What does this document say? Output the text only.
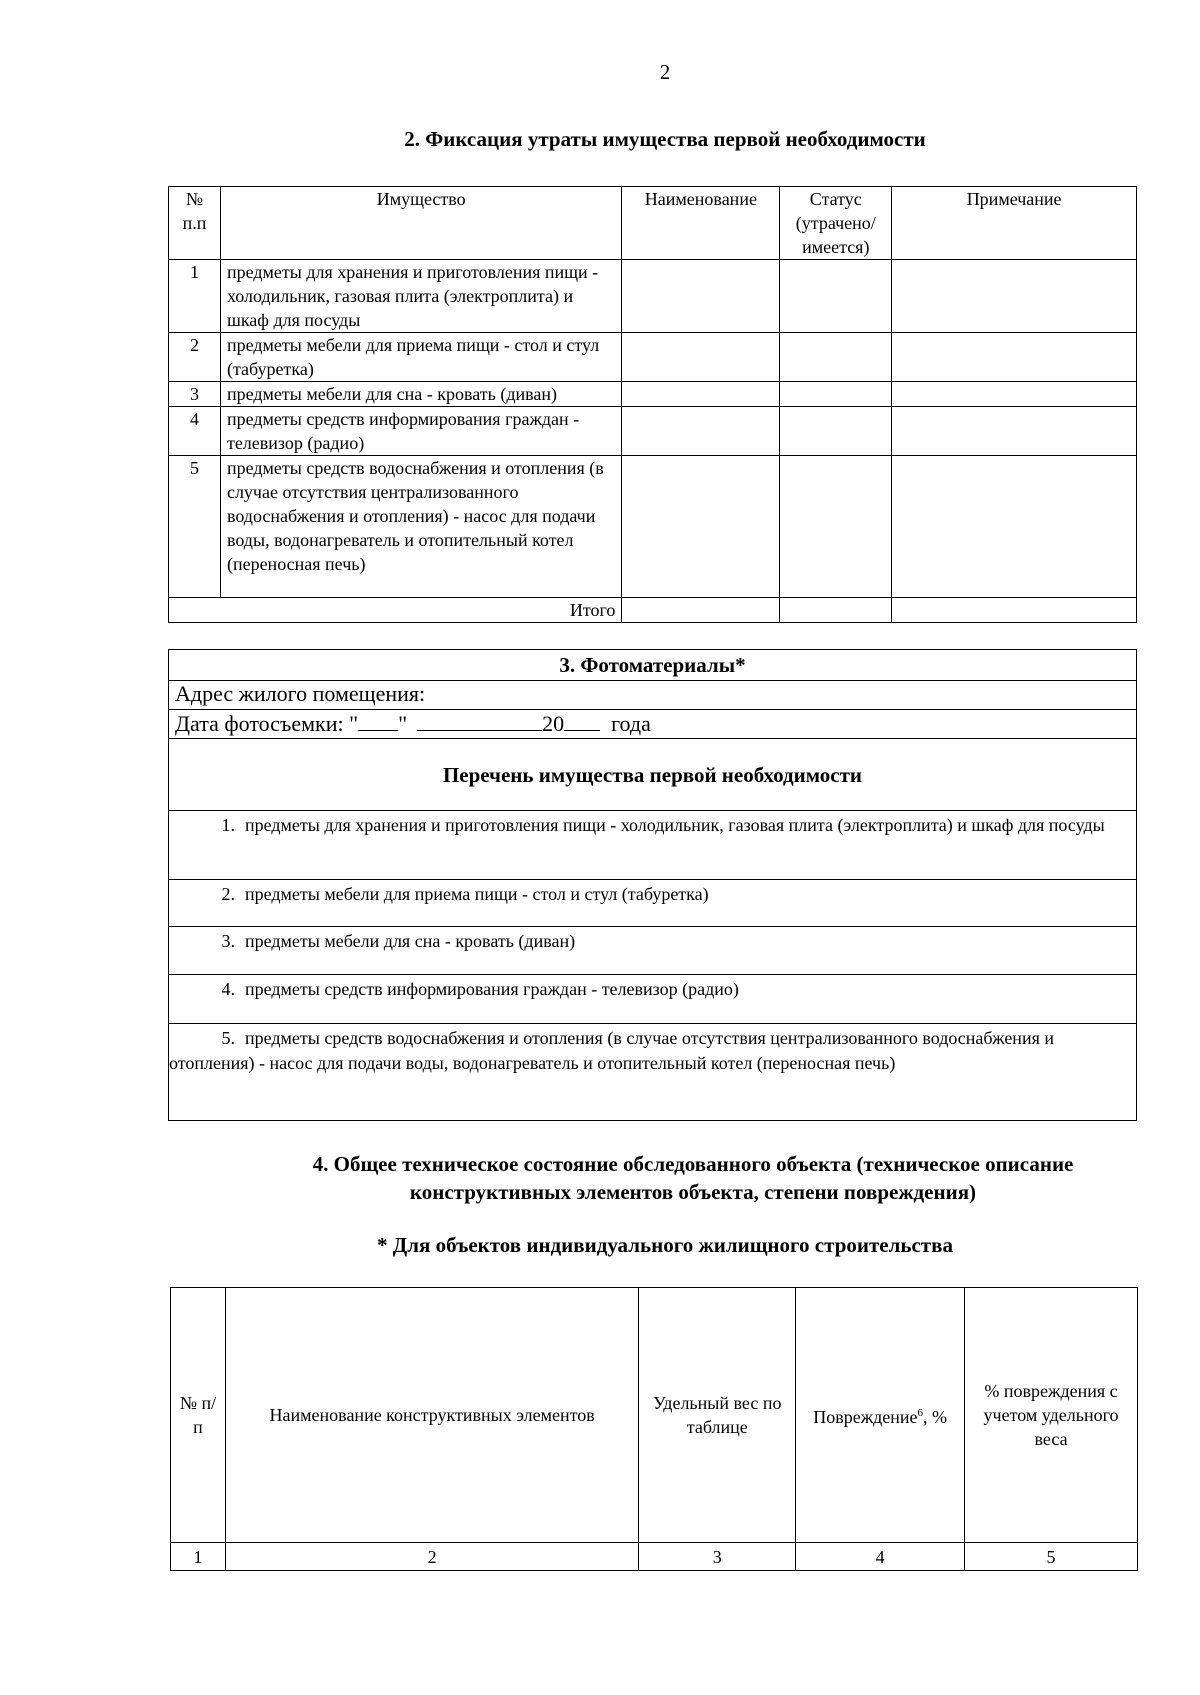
2
2. Фиксация утраты имущества первой необходимости
№ п.п	Имущество	Наименование	Статус (утрачено/ имеется)	Примечание
1	предметы для хранения и приготовления пищи - холодильник, газовая плита (электроплита) и шкаф для посуды			
2	предметы мебели для приема пищи - стол и стул (табуретка)			
3	предметы мебели для сна - кровать (диван)			
4	предметы средств информирования граждан - телевизор (радио)			
5	предметы средств водоснабжения и отопления (в случае отсутствия централизованного водоснабжения и отопления) - насос для подачи воды, водонагреватель и отопительный котел (переносная печь)			
Итого				
3. Фотоматериалы*
Адрес жилого помещения:
Дата фотосъемки: " "	20 года
Перечень имущества первой необходимости
1. предметы для хранения и приготовления пищи - холодильник, газовая плита (электроплита) и шкаф для посуды
2. предметы мебели для приема пищи - стол и стул (табуретка)
3. предметы мебели для сна - кровать (диван)
4. предметы средств информирования граждан - телевизор (радио)
5. предметы средств водоснабжения и отопления (в случае отсутствия централизованного водоснабжения и отопления) - насос для подачи воды, водонагреватель и отопительный котел (переносная печь)
4. Общее техническое состояние обследованного объекта (техническое описание конструктивных элементов объекта, степени повреждения)
* Для объектов индивидуального жилищного строительства
№ п/п	Наименование конструктивных элементов	Удельный вес по таблице	Повреждение$^6$, %	% повреждения с учетом удельного веса
1	2	3	4	5
